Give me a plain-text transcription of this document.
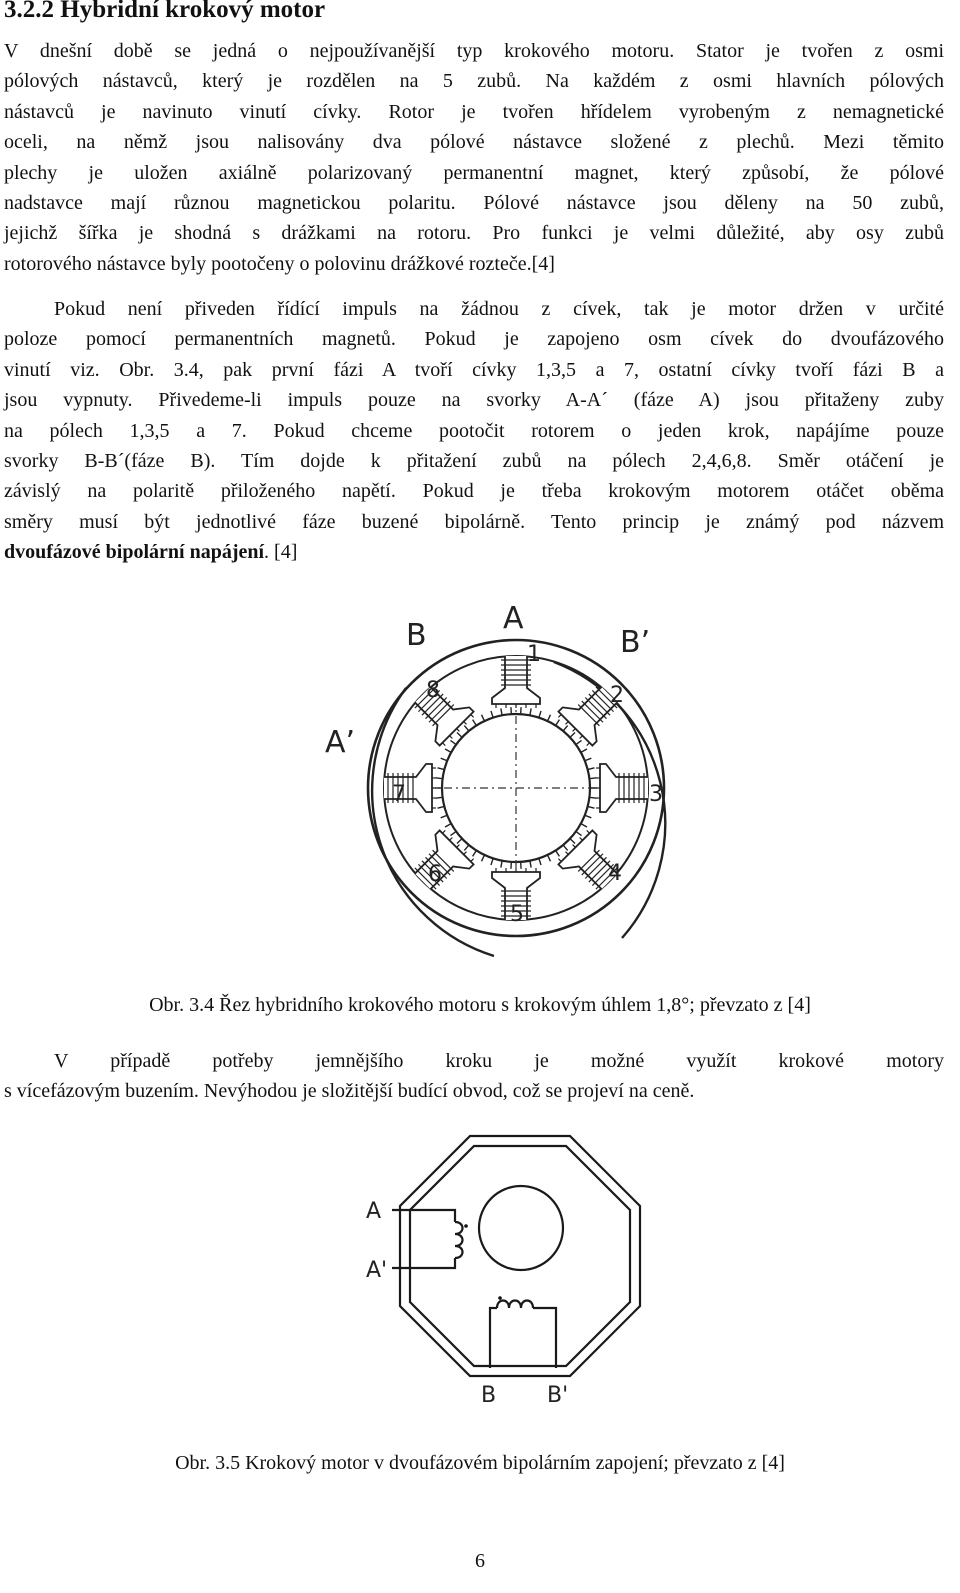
3.2.2 Hybridní krokový motor
V dnešní době se jedná o nejpoužívanější typ krokového motoru. Stator je tvořen z osmi
pólových nástavců, který je rozdělen na 5 zubů. Na každém z osmi hlavních pólových
nástavců je navinuto vinutí cívky. Rotor je tvořen hřídelem vyrobeným z nemagnetické
oceli, na němž jsou nalisovány dva pólové nástavce složené z plechů. Mezi těmito
plechy je uložen axiálně polarizovaný permanentní magnet, který způsobí, že pólové
nadstavce mají různou magnetickou polaritu. Pólové nástavce jsou děleny na 50 zubů,
jejichž šířka je shodná s drážkami na rotoru. Pro funkci je velmi důležité, aby osy zubů
rotorového nástavce byly pootočeny o polovinu drážkové rozteče.[4]
Pokud není přiveden řídící impuls na žádnou z cívek, tak je motor držen v určité
poloze pomocí permanentních magnetů. Pokud je zapojeno osm cívek do dvoufázového
vinutí viz. Obr. 3.4, pak první fázi A tvoří cívky 1,3,5 a 7, ostatní cívky tvoří fázi B a
jsou vypnuty. Přivedeme-li impuls pouze na svorky A-A´ (fáze A) jsou přitaženy zuby
na pólech 1,3,5 a 7. Pokud chceme pootočit rotorem o jeden krok, napájíme pouze
svorky B-B´(fáze B). Tím dojde k přitažení zubů na pólech 2,4,6,8. Směr otáčení je
závislý na polaritě přiloženého napětí. Pokud je třeba krokovým motorem otáčet oběma
směry musí být jednotlivé fáze buzené bipolárně. Tento princip je známý pod názvem
dvoufázové bipolární napájení. [4]
A
B	B’
A’
1
2
3
4
5
6
7
8

Obr. 3.4 Řez hybridního krokového motoru s krokovým úhlem 1,8°; převzato z [4]

V případě potřeby jemnějšího kroku je možné využít krokové motory
s vícefázovým buzením. Nevýhodou je složitější budící obvod, což se projeví na ceně.
A
A'
B B'

Obr. 3.5 Krokový motor v dvoufázovém bipolárním zapojení; převzato z [4]

6
